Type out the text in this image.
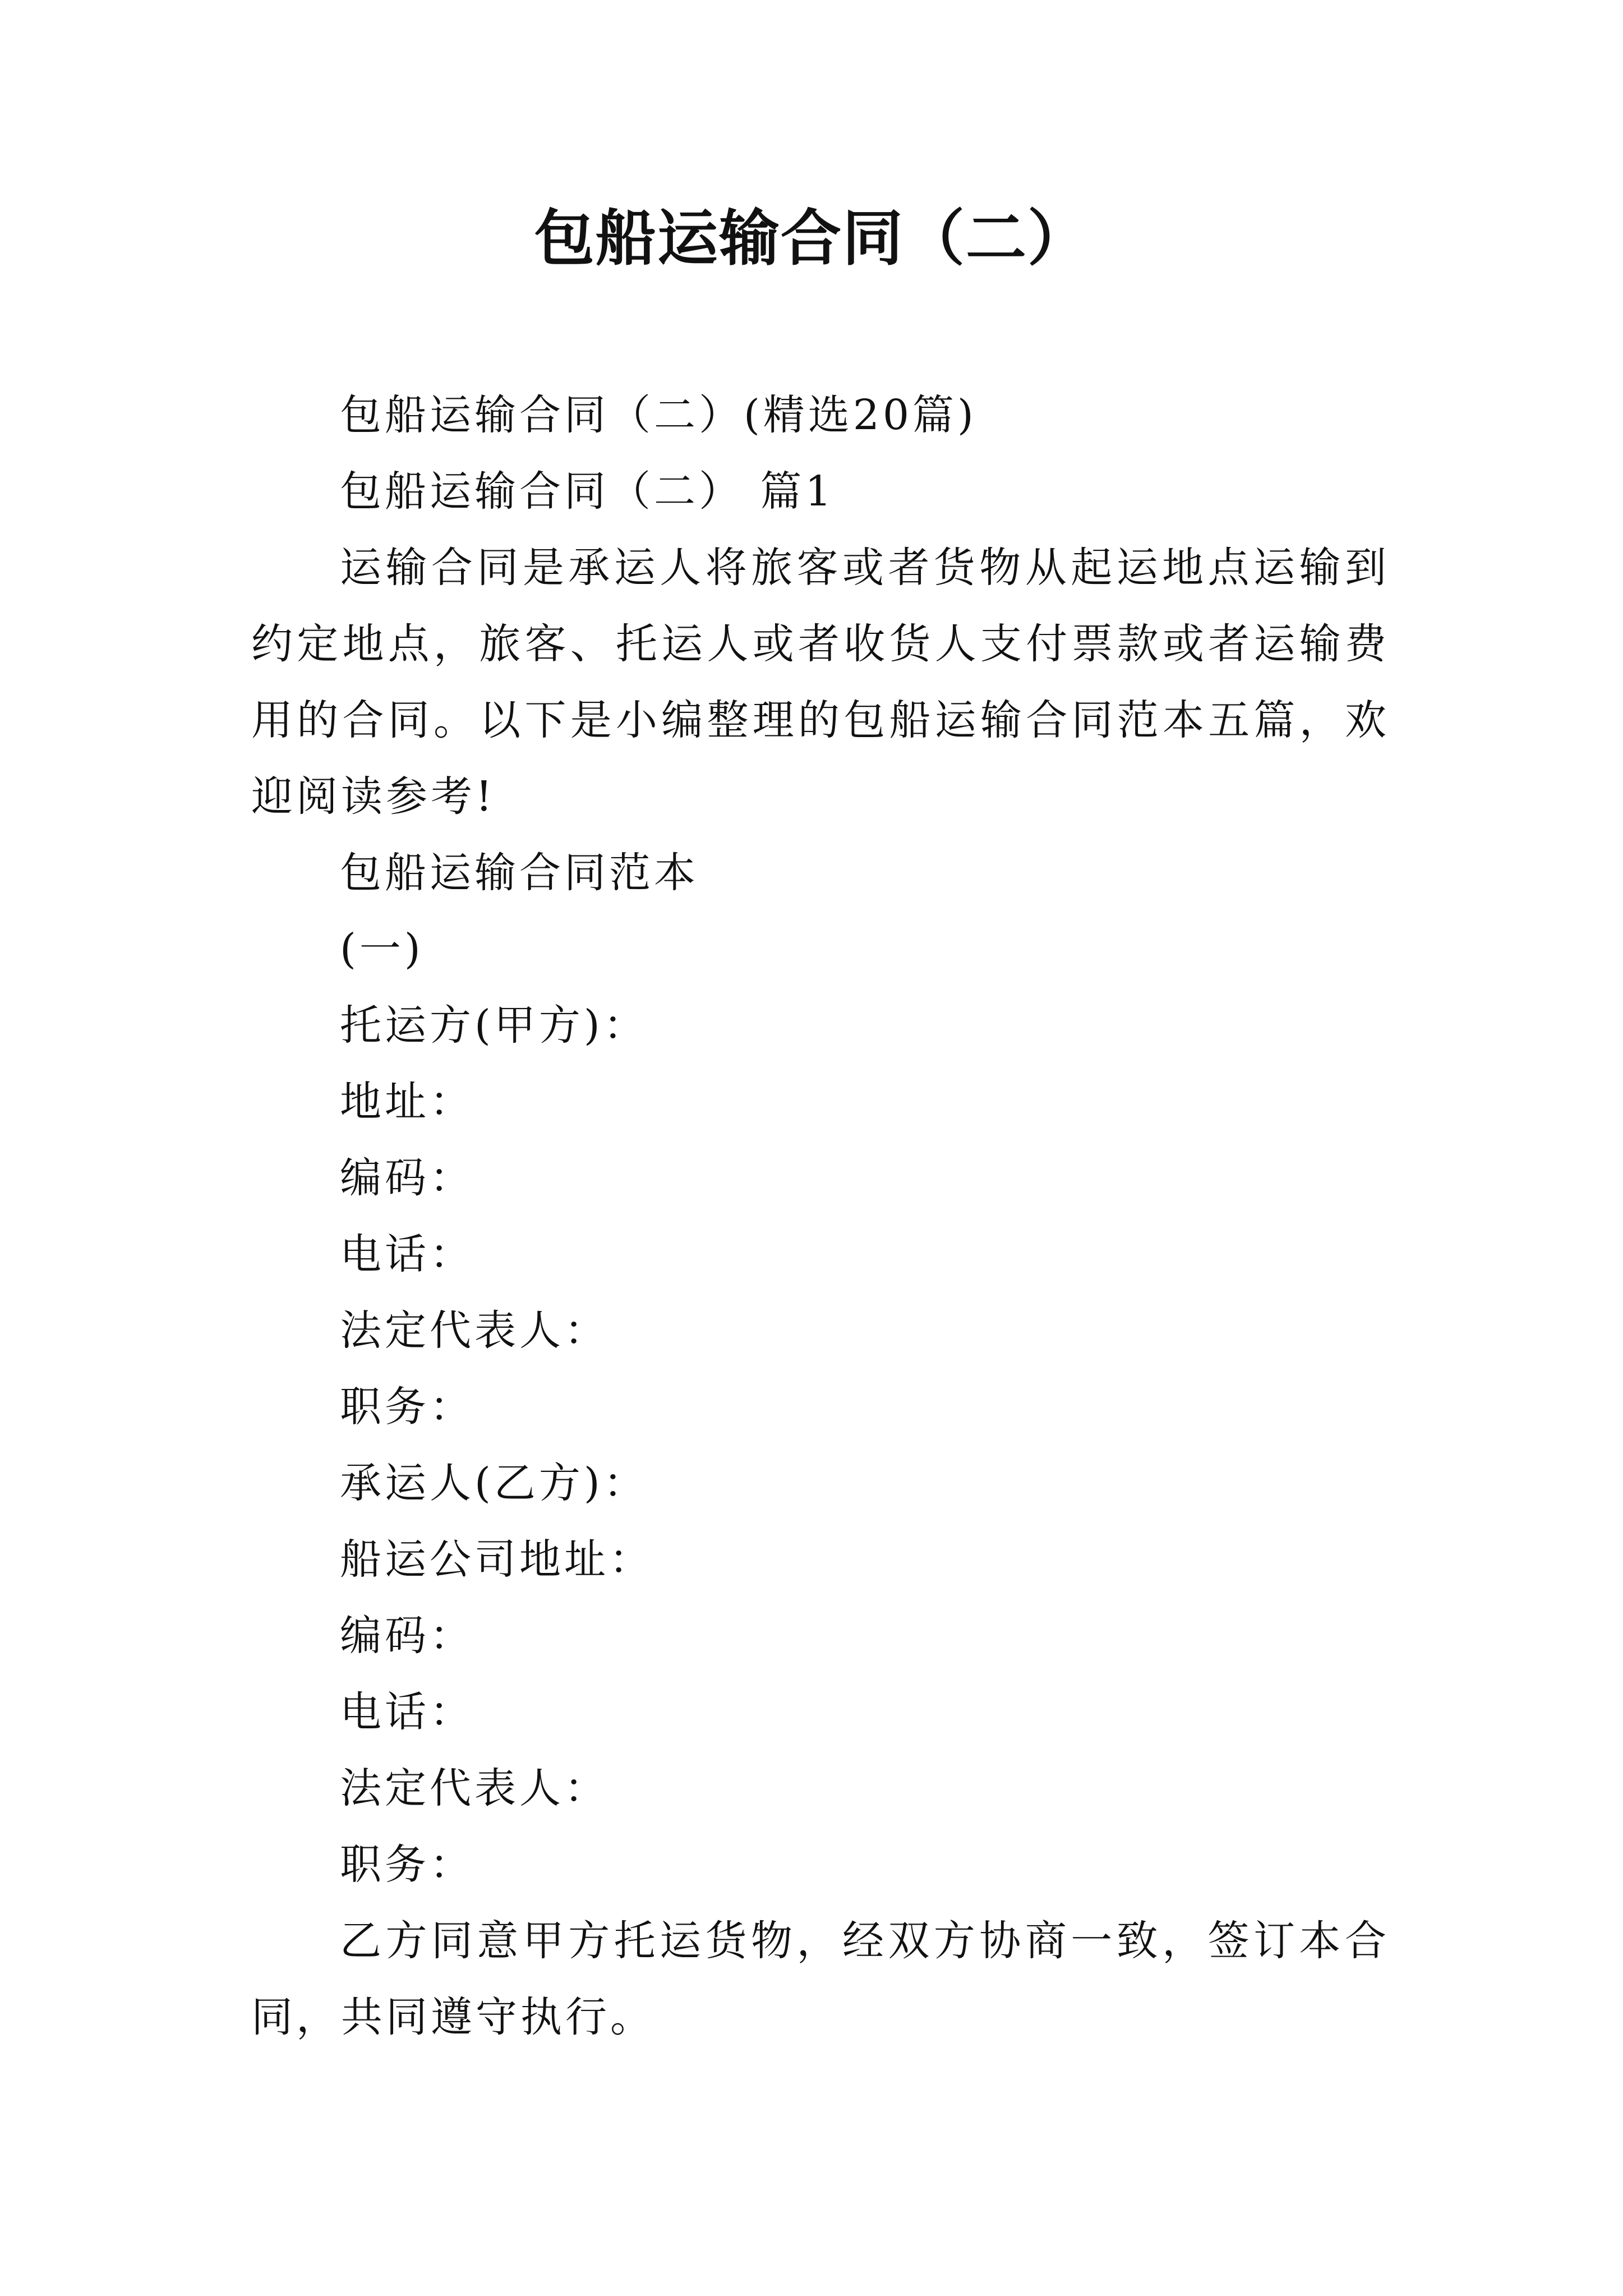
包船运输合同（二）

包船运输合同（二）(精选20篇)

包船运输合同（二） 篇1

运输合同是承运人将旅客或者货物从起运地点运输到约定地点，旅客、托运人或者收货人支付票款或者运输费用的合同。以下是小编整理的包船运输合同范本五篇，欢迎阅读参考!

包船运输合同范本

(一)

托运方(甲方)：

地址：

编码：

电话：

法定代表人：

职务：

承运人(乙方)：

船运公司地址：

编码：

电话：

法定代表人：

职务：

乙方同意甲方托运货物，经双方协商一致，签订本合同，共同遵守执行。
